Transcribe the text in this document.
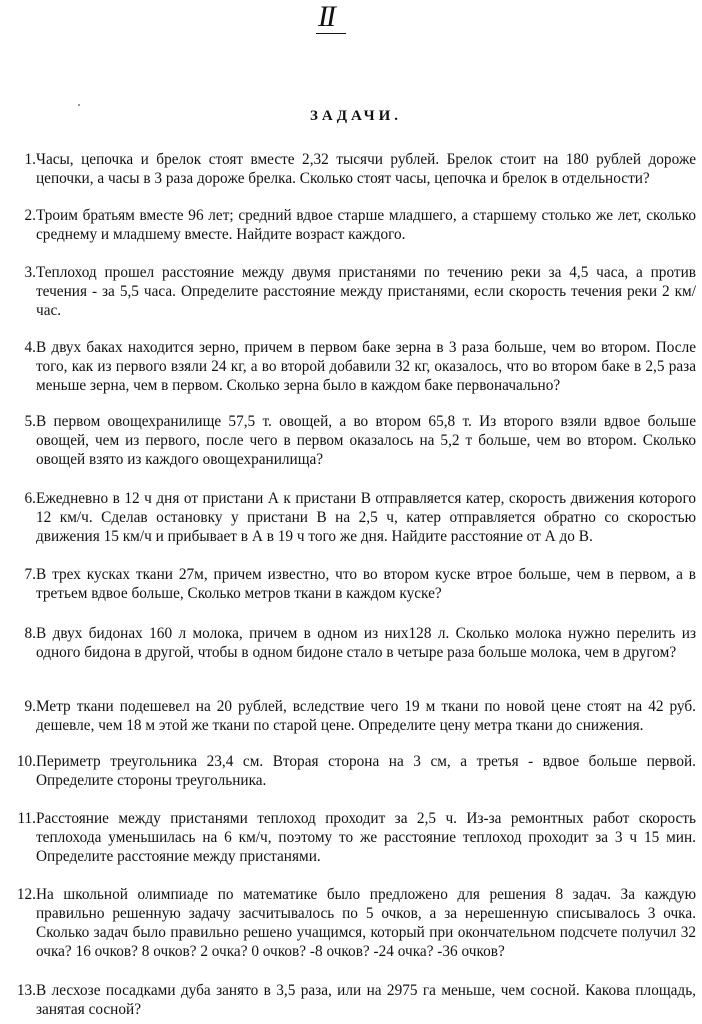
II
ЗАДАЧИ.
1. Часы, цепочка и брелок стоят вместе 2,32 тысячи рублей. Брелок стоит на 180 рублей дороже цепочки, а часы в 3 раза дороже брелка. Сколько стоят часы, цепочка и брелок в отдельности?
2. Троим братьям вместе 96 лет; средний вдвое старше младшего, а старшему столько же лет, сколько среднему и младшему вместе. Найдите возраст каждого.
3. Теплоход прошел расстояние между двумя пристанями по течению реки за 4,5 часа, а против течения - за 5,5 часа. Определите расстояние между пристанями, если скорость течения реки 2 км/час.
4. В двух баках находится зерно, причем в первом баке зерна в 3 раза больше, чем во втором. После того, как из первого взяли 24 кг, а во второй добавили 32 кг, оказалось, что во втором баке в 2,5 раза меньше зерна, чем в первом. Сколько зерна было в каждом баке первоначально?
5. В первом овощехранилище 57,5 т. овощей, а во втором 65,8 т. Из второго взяли вдвое больше овощей, чем из первого, после чего в первом оказалось на 5,2 т больше, чем во втором. Сколько овощей взято из каждого овощехранилища?
6. Ежедневно в 12 ч дня от пристани А к пристани В отправляется катер, скорость движения которого 12 км/ч. Сделав остановку у пристани В на 2,5 ч, катер отправляется обратно со скоростью движения 15 км/ч и прибывает в А в 19 ч того же дня. Найдите расстояние от А до В.
7. В трех кусках ткани 27м, причем известно, что во втором куске втрое больше, чем в первом, а в третьем вдвое больше, Сколько метров ткани в каждом куске?
8. В двух бидонах 160 л молока, причем в одном из них128 л. Сколько молока нужно перелить из одного бидона в другой, чтобы в одном бидоне стало в четыре раза больше молока, чем в другом?
9. Метр ткани подешевел на 20 рублей, вследствие чего 19 м ткани по новой цене стоят на 42 руб. дешевле, чем 18 м этой же ткани по старой цене. Определите цену метра ткани до снижения.
10. Периметр треугольника 23,4 см. Вторая сторона на 3 см, а третья - вдвое больше первой. Определите стороны треугольника.
11. Расстояние между пристанями теплоход проходит за 2,5 ч. Из-за ремонтных работ скорость теплохода уменьшилась на 6 км/ч, поэтому то же расстояние теплоход проходит за 3 ч 15 мин. Определите расстояние между пристанями.
12. На школьной олимпиаде по математике было предложено для решения 8 задач. За каждую правильно решенную задачу засчитывалось по 5 очков, а за нерешенную списывалось 3 очка. Сколько задач было правильно решено учащимся, который при окончательном подсчете получил 32 очка? 16 очков? 8 очков? 2 очка? 0 очков? -8 очков? -24 очка? -36 очков?
13. В лесхозе посадками дуба занято в 3,5 раза, или на 2975 га меньше, чем сосной. Какова площадь, занятая сосной?
